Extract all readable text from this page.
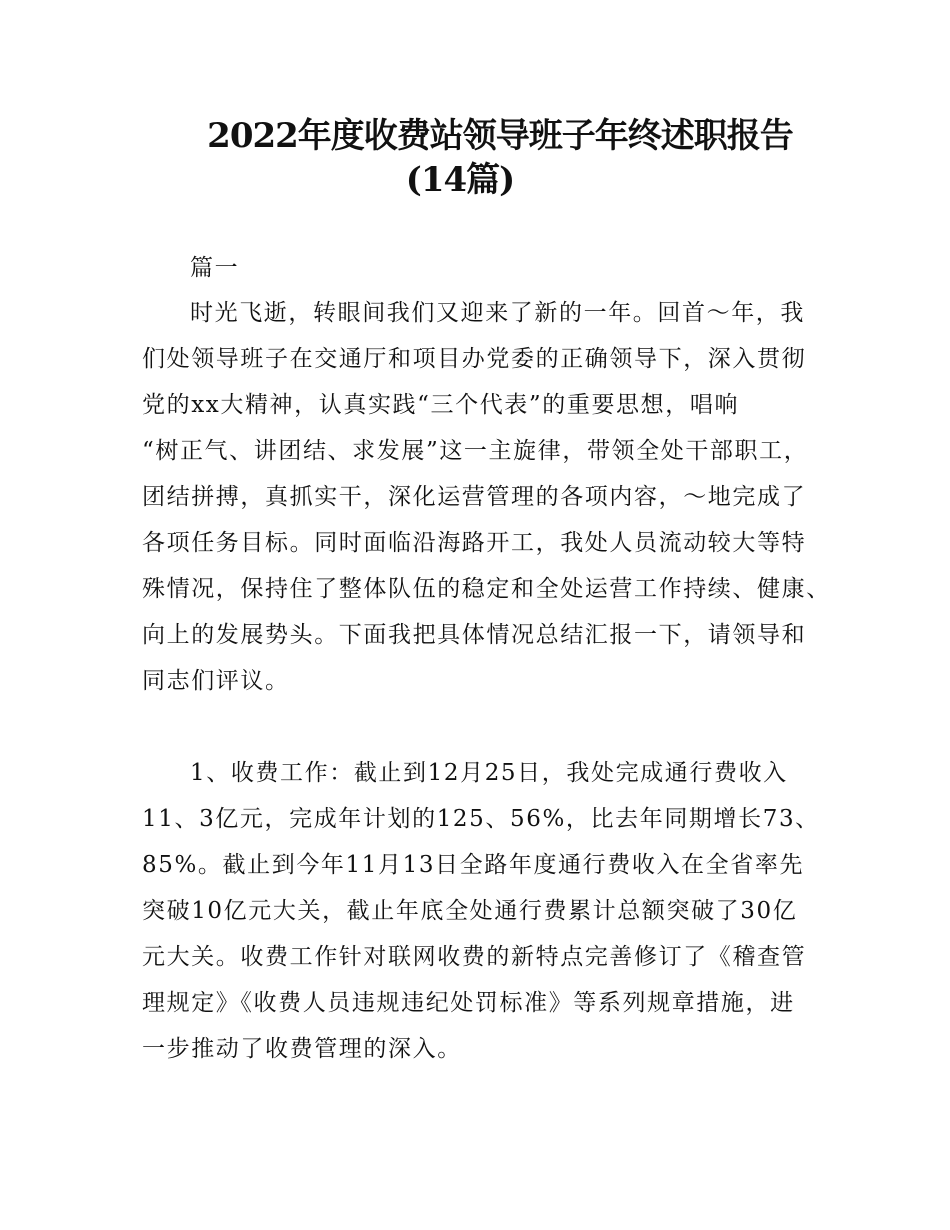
2022年度收费站领导班子年终述职报告
(14篇)
篇一
时光飞逝，转眼间我们又迎来了新的一年。回首～年，我
们处领导班子在交通厅和项目办党委的正确领导下，深入贯彻
党的xx大精神，认真实践“三个代表”的重要思想，唱响
“树正气、讲团结、求发展”这一主旋律，带领全处干部职工，
团结拼搏，真抓实干，深化运营管理的各项内容，～地完成了
各项任务目标。同时面临沿海路开工，我处人员流动较大等特
殊情况，保持住了整体队伍的稳定和全处运营工作持续、健康、
向上的发展势头。下面我把具体情况总结汇报一下，请领导和
同志们评议。
1、收费工作：截止到12月25日，我处完成通行费收入
11、3亿元，完成年计划的125、56%，比去年同期增长73、
85%。截止到今年11月13日全路年度通行费收入在全省率先
突破10亿元大关，截止年底全处通行费累计总额突破了30亿
元大关。收费工作针对联网收费的新特点完善修订了《稽查管
理规定》《收费人员违规违纪处罚标准》等系列规章措施，进
一步推动了收费管理的深入。
